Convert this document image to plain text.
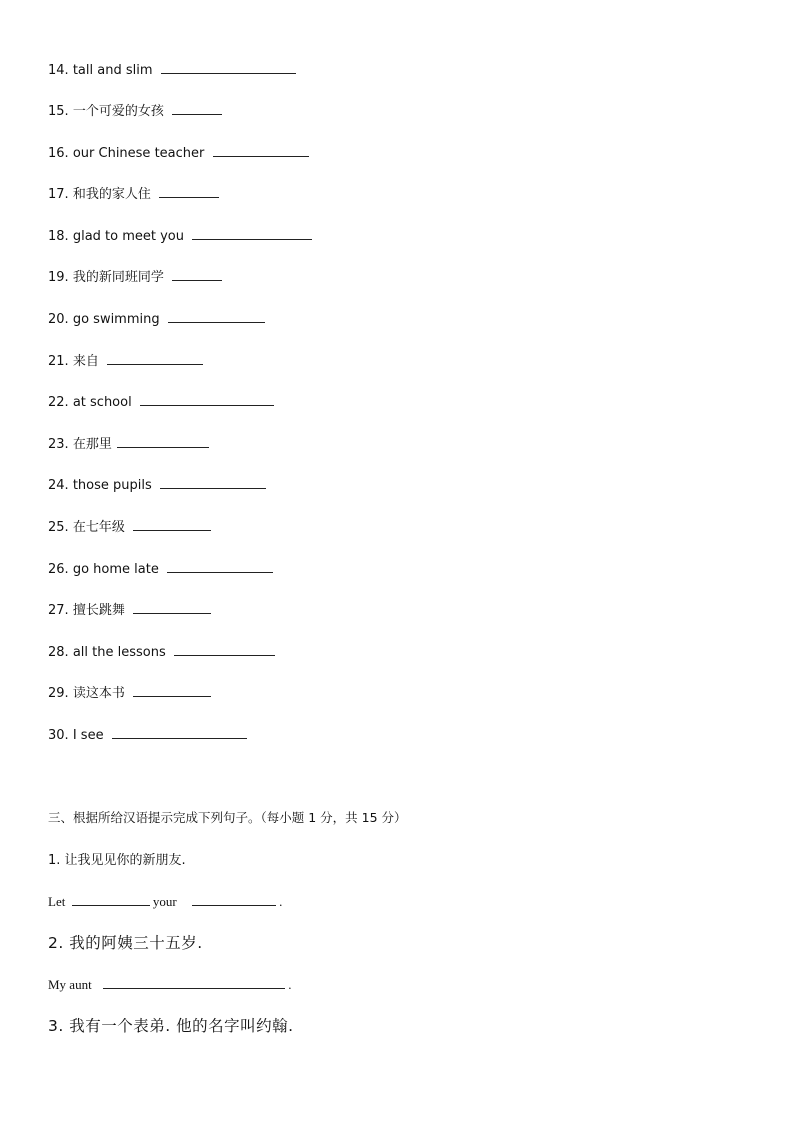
14. tall and slim
15. 一个可爱的女孩
16. our Chinese teacher
17. 和我的家人住
18. glad to meet you
19. 我的新同班同学
20. go swimming
21. 来自
22. at school
23. 在那里
24. those pupils
25. 在七年级
26. go home late
27. 擅长跳舞
28. all the lessons
29. 读这本书
30. I see
三、根据所给汉语提示完成下列句子。（每小题 1 分，共 15 分）
1. 让我见见你的新朋友.
Let	your	.
2. 我的阿姨三十五岁.
My aunt	.
3. 我有一个表弟. 他的名字叫约翰.
